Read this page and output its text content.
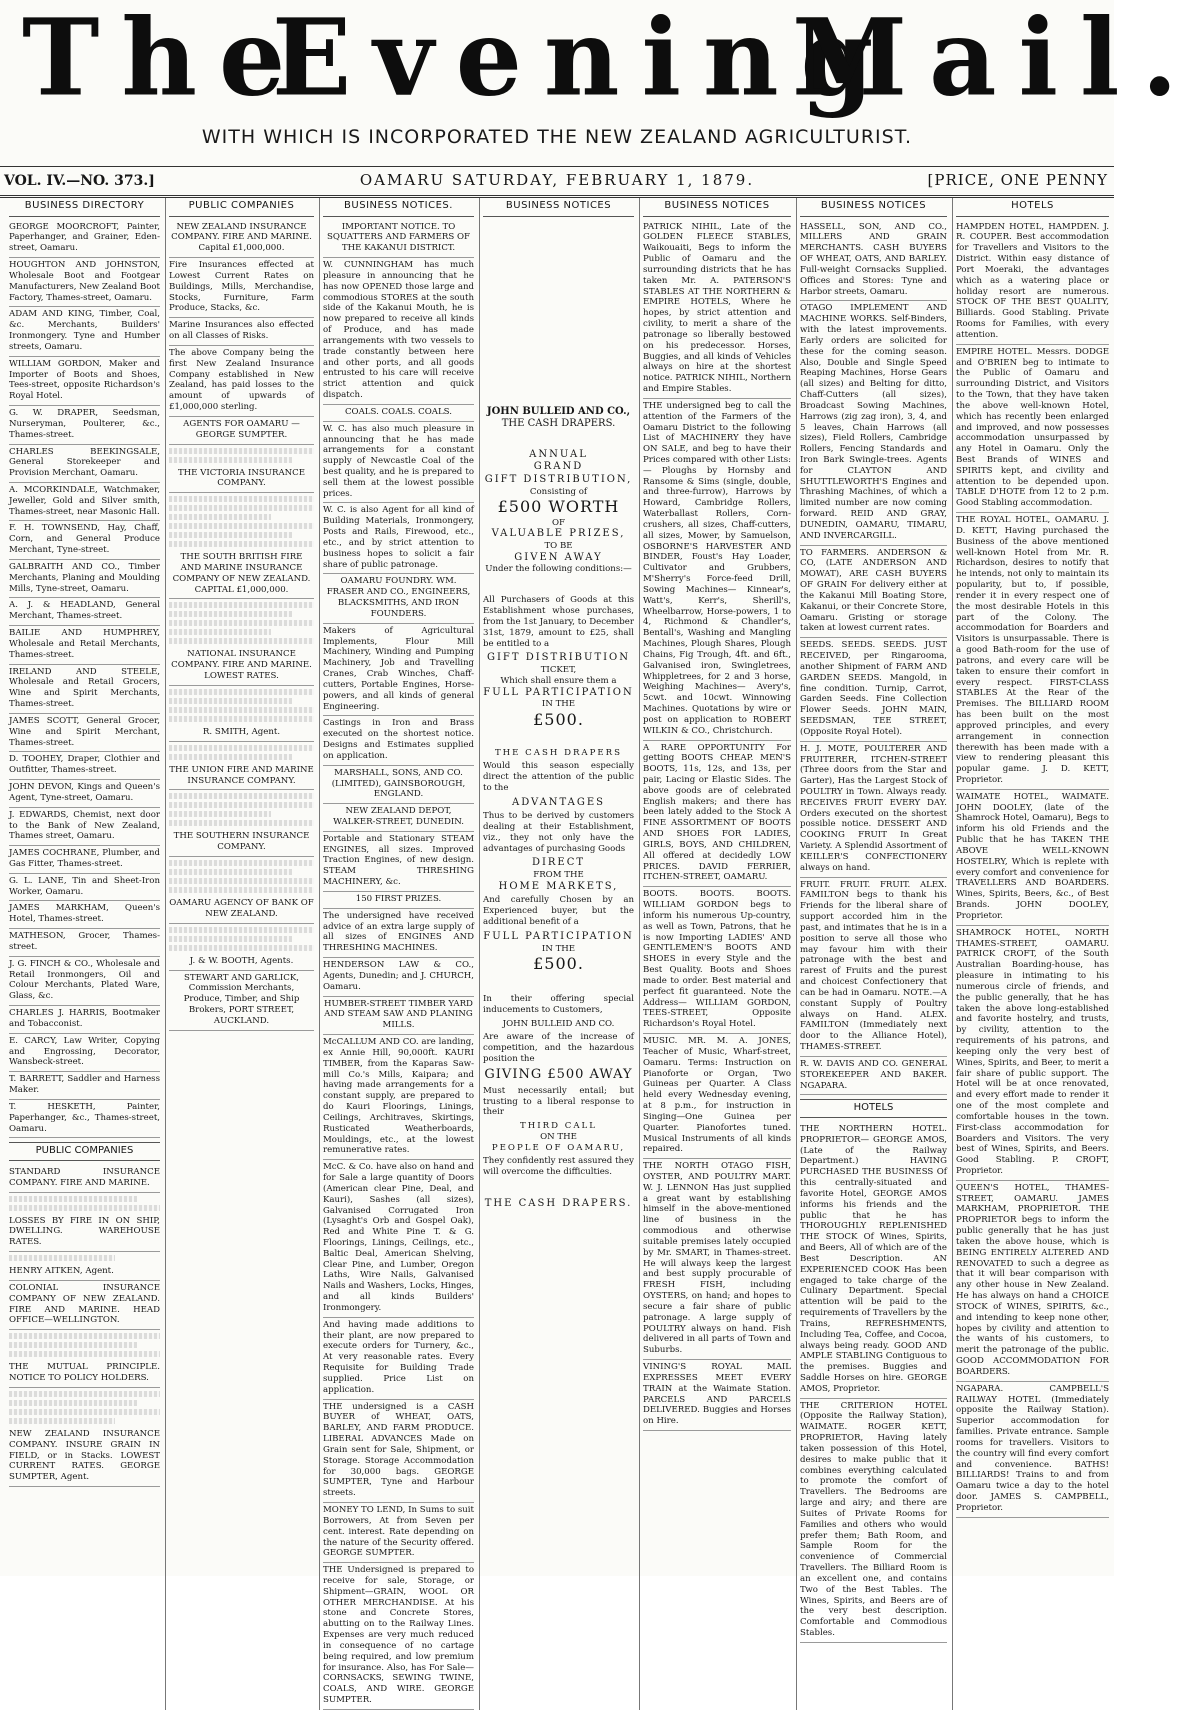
TheEveningMail.
WITH WHICH IS INCORPORATED THE NEW ZEALAND AGRICULTURIST.
VOL. IV.—NO. 373.]	OAMARU SATURDAY, FEBRUARY 1, 1879.	[PRICE, ONE PENNY
BUSINESS DIRECTORY
GEORGE MOORCROFT, Painter, Paperhanger, and Grainer, Eden-street, Oamaru.
HOUGHTON AND JOHNSTON, Wholesale Boot and Footgear Manufacturers, New Zealand Boot Factory, Thames-street, Oamaru.
ADAM AND KING, Timber, Coal, &c. Merchants, Builders' Ironmongery. Tyne and Humber streets, Oamaru.
WILLIAM GORDON, Maker and Importer of Boots and Shoes, Tees-street, opposite Richardson's Royal Hotel.
G. W. DRAPER, Seedsman, Nurseryman, Poulterer, &c., Thames-street.
CHARLES BEEKINGSALE, General Storekeeper and Provision Merchant, Oamaru.
A. MCORKINDALE, Watchmaker, Jeweller, Gold and Silver smith, Thames-street, near Masonic Hall.
F. H. TOWNSEND, Hay, Chaff, Corn, and General Produce Merchant, Tyne-street.
GALBRAITH AND CO., Timber Merchants, Planing and Moulding Mills, Tyne-street, Oamaru.
A. J. & HEADLAND, General Merchant, Thames-street.
BAILIE AND HUMPHREY, Wholesale and Retail Merchants, Thames-street.
IRELAND AND STEELE, Wholesale and Retail Grocers, Wine and Spirit Merchants, Thames-street.
JAMES SCOTT, General Grocer, Wine and Spirit Merchant, Thames-street.
D. TOOHEY, Draper, Clothier and Outfitter, Thames-street.
JOHN DEVON, Kings and Queen's Agent, Tyne-street, Oamaru.
J. EDWARDS, Chemist, next door to the Bank of New Zealand, Thames street, Oamaru.
JAMES COCHRANE, Plumber, and Gas Fitter, Thames-street.
G. L. LANE, Tin and Sheet-Iron Worker, Oamaru.
JAMES MARKHAM, Queen's Hotel, Thames-street.
MATHESON, Grocer, Thames-street.
J. G. FINCH & CO., Wholesale and Retail Ironmongers, Oil and Colour Merchants, Plated Ware, Glass, &c.
CHARLES J. HARRIS, Bootmaker and Tobacconist.
E. CARCY, Law Writer, Copying and Engrossing, Decorator, Wansbeck-street.
T. BARRETT, Saddler and Harness Maker.
T. HESKETH, Painter, Paperhanger, &c., Thames-street, Oamaru.
PUBLIC COMPANIES
STANDARD INSURANCE COMPANY. FIRE AND MARINE.
LOSSES BY FIRE IN ON SHIP, DWELLING. WAREHOUSE RATES.
HENRY AITKEN, Agent.
COLONIAL INSURANCE COMPANY OF NEW ZEALAND. FIRE AND MARINE. HEAD OFFICE—WELLINGTON.
THE MUTUAL PRINCIPLE. NOTICE TO POLICY HOLDERS.
NEW ZEALAND INSURANCE COMPANY. INSURE GRAIN IN FIELD, or in Stacks. LOWEST CURRENT RATES. GEORGE SUMPTER, Agent.
PUBLIC COMPANIES
NEW ZEALAND INSURANCE COMPANY. FIRE AND MARINE. Capital £1,000,000.
Fire Insurances effected at Lowest Current Rates on Buildings, Mills, Merchandise, Stocks, Furniture, Farm Produce, Stacks, &c.
Marine Insurances also effected on all Classes of Risks.
The above Company being the first New Zealand Insurance Company established in New Zealand, has paid losses to the amount of upwards of £1,000,000 sterling.
AGENTS FOR OAMARU — GEORGE SUMPTER.
THE VICTORIA INSURANCE COMPANY.
THE SOUTH BRITISH FIRE AND MARINE INSURANCE COMPANY OF NEW ZEALAND. CAPITAL £1,000,000.
NATIONAL INSURANCE COMPANY. FIRE AND MARINE. LOWEST RATES.
R. SMITH, Agent.
THE UNION FIRE AND MARINE INSURANCE COMPANY.
THE SOUTHERN INSURANCE COMPANY.
OAMARU AGENCY OF BANK OF NEW ZEALAND.
J. & W. BOOTH, Agents.
STEWART AND GARLICK, Commission Merchants, Produce, Timber, and Ship Brokers, PORT STREET, AUCKLAND.
BUSINESS NOTICES.
IMPORTANT NOTICE. TO SQUATTERS AND FARMERS OF THE KAKANUI DISTRICT.
W. CUNNINGHAM has much pleasure in announcing that he has now OPENED those large and commodious STORES at the south side of the Kakanui Mouth, he is now prepared to receive all kinds of Produce, and has made arrangements with two vessels to trade constantly between here and other ports, and all goods entrusted to his care will receive strict attention and quick dispatch.
COALS. COALS. COALS.
W. C. has also much pleasure in announcing that he has made arrangements for a constant supply of Newcastle Coal of the best quality, and he is prepared to sell them at the lowest possible prices.
W. C. is also Agent for all kind of Building Materials, Ironmongery, Posts and Rails, Firewood, etc., etc., and by strict attention to business hopes to solicit a fair share of public patronage.
OAMARU FOUNDRY. WM. FRASER AND CO., ENGINEERS, BLACKSMITHS, AND IRON FOUNDERS.
Makers of Agricultural Implements, Flour Mill Machinery, Winding and Pumping Machinery, Job and Travelling Cranes, Crab Winches, Chaff-cutters, Portable Engines, Horse-powers, and all kinds of general Engineering.
Castings in Iron and Brass executed on the shortest notice. Designs and Estimates supplied on application.
MARSHALL, SONS, AND CO. (LIMITED), GAINSBOROUGH, ENGLAND.
NEW ZEALAND DEPOT, WALKER-STREET, DUNEDIN.
Portable and Stationary STEAM ENGINES, all sizes. Improved Traction Engines, of new design. STEAM THRESHING MACHINERY, &c.
150 FIRST PRIZES.
The undersigned have received advice of an extra large supply of all sizes of ENGINES AND THRESHING MACHINES.
HENDERSON LAW & CO., Agents, Dunedin; and J. CHURCH, Oamaru.
HUMBER-STREET TIMBER YARD AND STEAM SAW AND PLANING MILLS.
McCALLUM AND CO. are landing, ex Annie Hill, 90,000ft. KAURI TIMBER, from the Kaparas Saw-mill Co.'s Mills, Kaipara; and having made arrangements for a constant supply, are prepared to do Kauri Floorings, Linings, Ceilings, Architraves, Skirtings, Rusticated Weatherboards, Mouldings, etc., at the lowest remunerative rates.
McC. & Co. have also on hand and for Sale a large quantity of Doors (American clear Pine, Deal, and Kauri), Sashes (all sizes), Galvanised Corrugated Iron (Lysaght's Orb and Gospel Oak), Red and White Pine T. & G. Floorings, Linings, Ceilings, etc., Baltic Deal, American Shelving, Clear Pine, and Lumber, Oregon Laths, Wire Nails, Galvanised Nails and Washers, Locks, Hinges, and all kinds Builders' Ironmongery.
And having made additions to their plant, are now prepared to execute orders for Turnery, &c., At very reasonable rates. Every Requisite for Building Trade supplied. Price List on application.
THE undersigned is a CASH BUYER of WHEAT, OATS, BARLEY, AND FARM PRODUCE. LIBERAL ADVANCES Made on Grain sent for Sale, Shipment, or Storage. Storage Accommodation for 30,000 bags. GEORGE SUMPTER, Tyne and Harbour streets.
MONEY TO LEND, In Sums to suit Borrowers, At from Seven per cent. interest. Rate depending on the nature of the Security offered. GEORGE SUMPTER.
THE Undersigned is prepared to receive for sale, Storage, or Shipment—GRAIN, WOOL OR OTHER MERCHANDISE. At his stone and Concrete Stores, abutting on to the Railway Lines. Expenses are very much reduced in consequence of no cartage being required, and low premium for insurance. Also, has For Sale— CORNSACKS, SEWING TWINE, COALS, AND WIRE. GEORGE SUMPTER.
BUSINESS NOTICES
JOHN BULLEID AND CO.,
THE CASH DRAPERS.
ANNUAL
GRAND
GIFT DISTRIBUTION,
Consisting of
£500 WORTH
OF
VALUABLE PRIZES,
TO BE
GIVEN AWAY
Under the following conditions:—
All Purchasers of Goods at this Establishment whose purchases, from the 1st January, to December 31st, 1879, amount to £25, shall be entitled to a
GIFT DISTRIBUTION
TICKET,
Which shall ensure them a
FULL PARTICIPATION
IN THE
£500.
THE CASH DRAPERS
Would this season especially direct the attention of the public to the
ADVANTAGES
Thus to be derived by customers dealing at their Establishment, viz., they not only have the advantages of purchasing Goods
DIRECT
FROM THE
HOME MARKETS,
And carefully Chosen by an Experienced buyer, but the additional benefit of a
FULL PARTICIPATION
IN THE
£500.
In their offering special inducements to Customers,
JOHN BULLEID AND CO.
Are aware of the increase of competition, and the hazardous position the
GIVING £500 AWAY
Must necessarily entail; but trusting to a liberal response to their
THIRD CALL
ON THE
PEOPLE OF OAMARU,
They confidently rest assured they will overcome the difficulties.
THE CASH DRAPERS.
BUSINESS NOTICES
PATRICK NIHIL, Late of the GOLDEN FLEECE STABLES, Waikouaiti, Begs to inform the Public of Oamaru and the surrounding districts that he has taken Mr. A. PATERSON'S STABLES AT THE NORTHERN & EMPIRE HOTELS, Where he hopes, by strict attention and civility, to merit a share of the patronage so liberally bestowed on his predecessor. Horses, Buggies, and all kinds of Vehicles always on hire at the shortest notice. PATRICK NIHIL, Northern and Empire Stables.
THE undersigned beg to call the attention of the Farmers of the Oamaru District to the following List of MACHINERY they have ON SALE, and beg to have their Prices compared with other Lists:— Ploughs by Hornsby and Ransome & Sims (single, double, and three-furrow), Harrows by Howard, Cambridge Rollers, Waterballast Rollers, Corn-crushers, all sizes, Chaff-cutters, all sizes, Mower, by Samuelson, OSBORNE'S HARVESTER AND BINDER, Foust's Hay Loader, Cultivator and Grubbers, M'Sherry's Force-feed Drill, Sowing Machines— Kinnear's, Watt's, Kerr's, Sherill's, Wheelbarrow, Horse-powers, 1 to 4, Richmond & Chandler's, Bentall's, Washing and Mangling Machines, Plough Shares, Plough Chains, Fig Trough, 4ft. and 6ft., Galvanised iron, Swingletrees, Whippletrees, for 2 and 3 horse, Weighing Machines— Avery's, 5cwt. and 10cwt. Winnowing Machines. Quotations by wire or post on application to ROBERT WILKIN & CO., Christchurch.
A RARE OPPORTUNITY For getting BOOTS CHEAP. MEN'S BOOTS, 11s, 12s, and 13s, per pair, Lacing or Elastic Sides. The above goods are of celebrated English makers; and there has been lately added to the Stock A FINE ASSORTMENT OF BOOTS AND SHOES FOR LADIES, GIRLS, BOYS, AND CHILDREN, All offered at decidedly LOW PRICES. DAVID FERRIER, ITCHEN-STREET, OAMARU.
BOOTS. BOOTS. BOOTS. WILLIAM GORDON begs to inform his numerous Up-country, as well as Town, Patrons, that he is now Importing LADIES' AND GENTLEMEN'S BOOTS AND SHOES in every Style and the Best Quality. Boots and Shoes made to order. Best material and perfect fit guaranteed. Note the Address— WILLIAM GORDON, TEES-STREET, Opposite Richardson's Royal Hotel.
MUSIC. MR. M. A. JONES, Teacher of Music, Wharf-street, Oamaru. Terms: Instruction on Pianoforte or Organ, Two Guineas per Quarter. A Class held every Wednesday evening, at 8 p.m., for instruction in Singing—One Guinea per Quarter. Pianofortes tuned. Musical Instruments of all kinds repaired.
THE NORTH OTAGO FISH, OYSTER, AND POULTRY MART. W. J. LENNON Has just supplied a great want by establishing himself in the above-mentioned line of business in the commodious and otherwise suitable premises lately occupied by Mr. SMART, in Thames-street. He will always keep the largest and best supply procurable of FRESH FISH, including OYSTERS, on hand; and hopes to secure a fair share of public patronage. A large supply of POULTRY always on hand. Fish delivered in all parts of Town and Suburbs.
VINING'S ROYAL MAIL EXPRESSES MEET EVERY TRAIN at the Waimate Station. PARCELS AND PARCELS DELIVERED. Buggies and Horses on Hire.
BUSINESS NOTICES
HASSELL, SON, AND CO., MILLERS AND GRAIN MERCHANTS. CASH BUYERS OF WHEAT, OATS, AND BARLEY. Full-weight Cornsacks Supplied. Offices and Stores: Tyne and Harbor streets, Oamaru.
OTAGO IMPLEMENT AND MACHINE WORKS. Self-Binders, with the latest improvements. Early orders are solicited for these for the coming season. Also, Double and Single Speed Reaping Machines, Horse Gears (all sizes) and Belting for ditto, Chaff-Cutters (all sizes), Broadcast Sowing Machines, Harrows (zig zag iron), 3, 4, and 5 leaves, Chain Harrows (all sizes), Field Rollers, Cambridge Rollers, Fencing Standards and Iron Bark Swingle-trees. Agents for CLAYTON AND SHUTTLEWORTH'S Engines and Thrashing Machines, of which a limited number are now coming forward. REID AND GRAY, DUNEDIN, OAMARU, TIMARU, AND INVERCARGILL.
TO FARMERS. ANDERSON & CO, (LATE ANDERSON AND MOWAT), ARE CASH BUYERS OF GRAIN For delivery either at the Kakanui Mill Boating Store, Kakanui, or their Concrete Store, Oamaru. Gristing or storage taken at lowest current rates.
SEEDS. SEEDS. SEEDS. JUST RECEIVED, per Ringarooma, another Shipment of FARM AND GARDEN SEEDS. Mangold, in fine condition. Turnip, Carrot, Garden Seeds. Fine Collection Flower Seeds. JOHN MAIN, SEEDSMAN, TEE STREET, (Opposite Royal Hotel).
H. J. MOTE, POULTERER AND FRUITERER, ITCHEN-STREET (Three doors from the Star and Garter), Has the Largest Stock of POULTRY in Town. Always ready. RECEIVES FRUIT EVERY DAY. Orders executed on the shortest possible notice. DESSERT AND COOKING FRUIT In Great Variety. A Splendid Assortment of KEILLER'S CONFECTIONERY always on hand.
FRUIT. FRUIT. FRUIT. ALEX. FAMILTON begs to thank his Friends for the liberal share of support accorded him in the past, and intimates that he is in a position to serve all those who may favour him with their patronage with the best and rarest of Fruits and the purest and choicest Confectionery that can be had in Oamaru. NOTE.—A constant Supply of Poultry always on Hand. ALEX. FAMILTON (Immediately next door to the Alliance Hotel), THAMES-STREET.
R. W. DAVIS AND CO. GENERAL STOREKEEPER AND BAKER. NGAPARA.
HOTELS
THE NORTHERN HOTEL. PROPRIETOR— GEORGE AMOS, (Late of the Railway Department.) HAVING PURCHASED THE BUSINESS Of this centrally-situated and favorite Hotel, GEORGE AMOS informs his friends and the public that he has THOROUGHLY REPLENISHED THE STOCK Of Wines, Spirits, and Beers, All of which are of the Best Description. AN EXPERIENCED COOK Has been engaged to take charge of the Culinary Department. Special attention will be paid to the requirements of Travellers by the Trains, REFRESHMENTS, Including Tea, Coffee, and Cocoa, always being ready. GOOD AND AMPLE STABLING Contiguous to the premises. Buggies and Saddle Horses on hire. GEORGE AMOS, Proprietor.
THE CRITERION HOTEL (Opposite the Railway Station), WAIMATE. ROGER KETT, PROPRIETOR, Having lately taken possession of this Hotel, desires to make public that it combines everything calculated to promote the comfort of Travellers. The Bedrooms are large and airy; and there are Suites of Private Rooms for Families and others who would prefer them; Bath Room, and Sample Room for the convenience of Commercial Travellers. The Billiard Room is an excellent one, and contains Two of the Best Tables. The Wines, Spirits, and Beers are of the very best description. Comfortable and Commodious Stables.
HOTELS
HAMPDEN HOTEL, HAMPDEN. J. R. COUPER. Best accommodation for Travellers and Visitors to the District. Within easy distance of Port Moeraki, the advantages which as a watering place or holiday resort are numerous. STOCK OF THE BEST QUALITY, Billiards. Good Stabling. Private Rooms for Families, with every attention.
EMPIRE HOTEL. Messrs. DODGE and O'BRIEN beg to intimate to the Public of Oamaru and surrounding District, and Visitors to the Town, that they have taken the above well-known Hotel, which has recently been enlarged and improved, and now possesses accommodation unsurpassed by any Hotel in Oamaru. Only the Best Brands of WINES and SPIRITS kept, and civility and attention to be depended upon. TABLE D'HOTE from 12 to 2 p.m. Good Stabling accommodation.
THE ROYAL HOTEL, OAMARU. J. D. KETT, Having purchased the Business of the above mentioned well-known Hotel from Mr. R. Richardson, desires to notify that he intends, not only to maintain its popularity, but to, if possible, render it in every respect one of the most desirable Hotels in this part of the Colony. The accommodation for Boarders and Visitors is unsurpassable. There is a good Bath-room for the use of patrons, and every care will be taken to ensure their comfort in every respect. FIRST-CLASS STABLES At the Rear of the Premises. The BILLIARD ROOM has been built on the most approved principles, and every arrangement in connection therewith has been made with a view to rendering pleasant this popular game. J. D. KETT, Proprietor.
WAIMATE HOTEL, WAIMATE. JOHN DOOLEY, (late of the Shamrock Hotel, Oamaru), Begs to inform his old Friends and the Public that he has TAKEN THE ABOVE WELL-KNOWN HOSTELRY, Which is replete with every comfort and convenience for TRAVELLERS AND BOARDERS. Wines, Spirits, Beers, &c., of Best Brands. JOHN DOOLEY, Proprietor.
SHAMROCK HOTEL, NORTH THAMES-STREET, OAMARU. PATRICK CROFT, of the South Australian Boarding-house, has pleasure in intimating to his numerous circle of friends, and the public generally, that he has taken the above long-established and favorite hostelry, and trusts, by civility, attention to the requirements of his patrons, and keeping only the very best of Wines, Spirits, and Beer, to merit a fair share of public support. The Hotel will be at once renovated, and every effort made to render it one of the most complete and comfortable houses in the town. First-class accommodation for Boarders and Visitors. The very best of Wines, Spirits, and Beers. Good Stabling. P. CROFT, Proprietor.
QUEEN'S HOTEL, THAMES-STREET, OAMARU. JAMES MARKHAM, PROPRIETOR. THE PROPRIETOR begs to inform the public generally that he has just taken the above house, which is BEING ENTIRELY ALTERED AND RENOVATED to such a degree as that it will bear comparison with any other house in New Zealand. He has always on hand a CHOICE STOCK of WINES, SPIRITS, &c., and intending to keep none other, hopes by civility and attention to the wants of his customers, to merit the patronage of the public. GOOD ACCOMMODATION FOR BOARDERS.
NGAPARA. CAMPBELL'S RAILWAY HOTEL (Immediately opposite the Railway Station). Superior accommodation for families. Private entrance. Sample rooms for travellers. Visitors to the country will find every comfort and convenience. BATHS! BILLIARDS! Trains to and from Oamaru twice a day to the hotel door. JAMES S. CAMPBELL, Proprietor.
